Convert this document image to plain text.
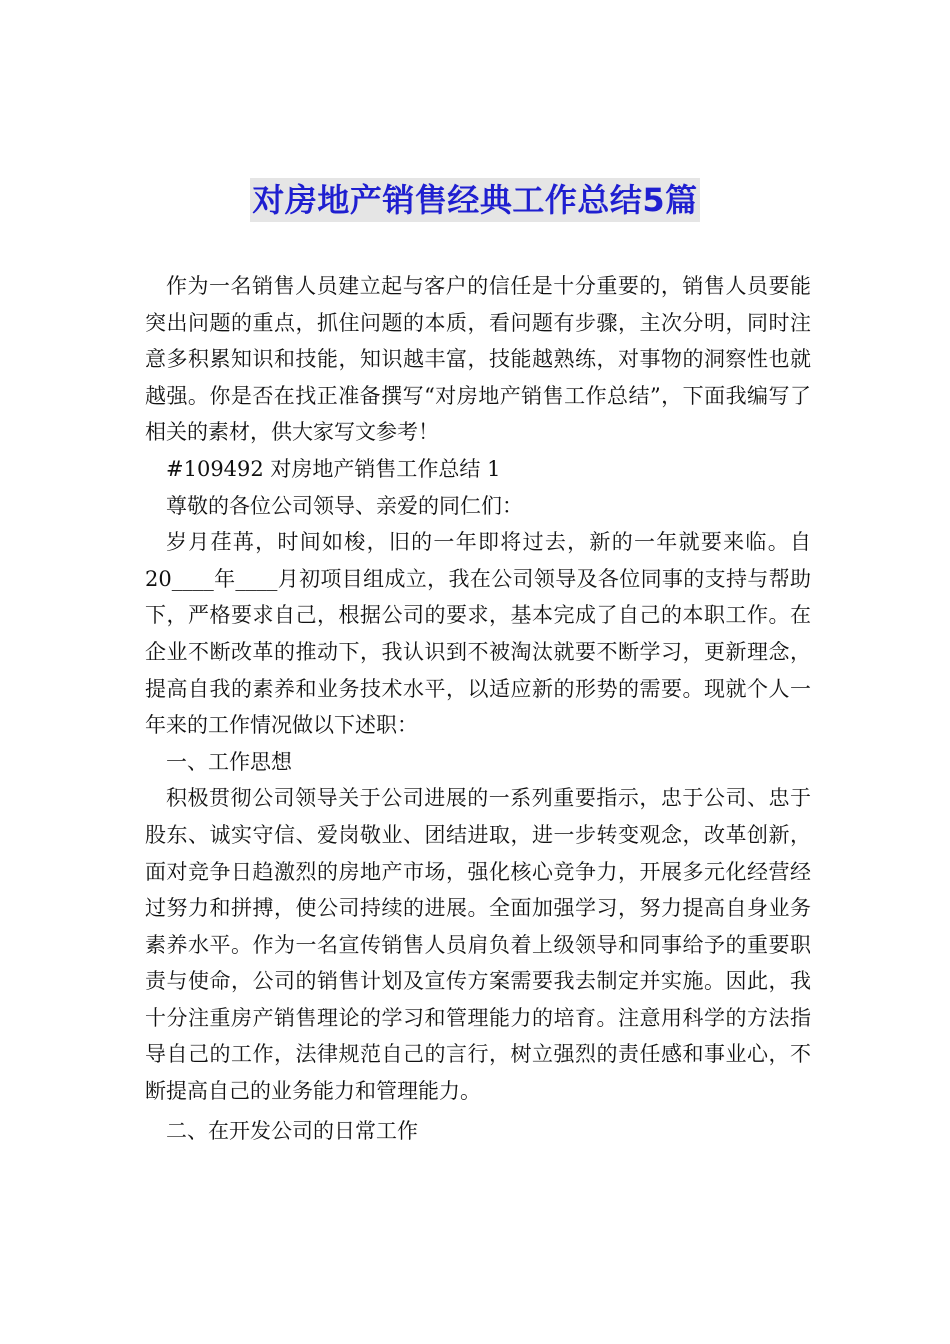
对房地产销售经典工作总结5篇

作为一名销售人员建立起与客户的信任是十分重要的，销售人员要能突出问题的重点，抓住问题的本质，看问题有步骤，主次分明，同时注意多积累知识和技能，知识越丰富，技能越熟练，对事物的洞察性也就越强。你是否在找正准备撰写“对房地产销售工作总结”，下面我编写了相关的素材，供大家写文参考！

#109492 对房地产销售工作总结 1

尊敬的各位公司领导、亲爱的同仁们：

岁月荏苒，时间如梭，旧的一年即将过去，新的一年就要来临。自20____年____月初项目组成立，我在公司领导及各位同事的支持与帮助下，严格要求自己，根据公司的要求，基本完成了自己的本职工作。在企业不断改革的推动下，我认识到不被淘汰就要不断学习，更新理念，提高自我的素养和业务技术水平，以适应新的形势的需要。现就个人一年来的工作情况做以下述职：

一、工作思想

积极贯彻公司领导关于公司进展的一系列重要指示，忠于公司、忠于股东、诚实守信、爱岗敬业、团结进取，进一步转变观念，改革创新，面对竞争日趋激烈的房地产市场，强化核心竞争力，开展多元化经营经过努力和拼搏，使公司持续的进展。全面加强学习，努力提高自身业务素养水平。作为一名宣传销售人员肩负着上级领导和同事给予的重要职责与使命，公司的销售计划及宣传方案需要我去制定并实施。因此，我十分注重房产销售理论的学习和管理能力的培育。注意用科学的方法指导自己的工作，法律规范自己的言行，树立强烈的责任感和事业心，不断提高自己的业务能力和管理能力。

二、在开发公司的日常工作
